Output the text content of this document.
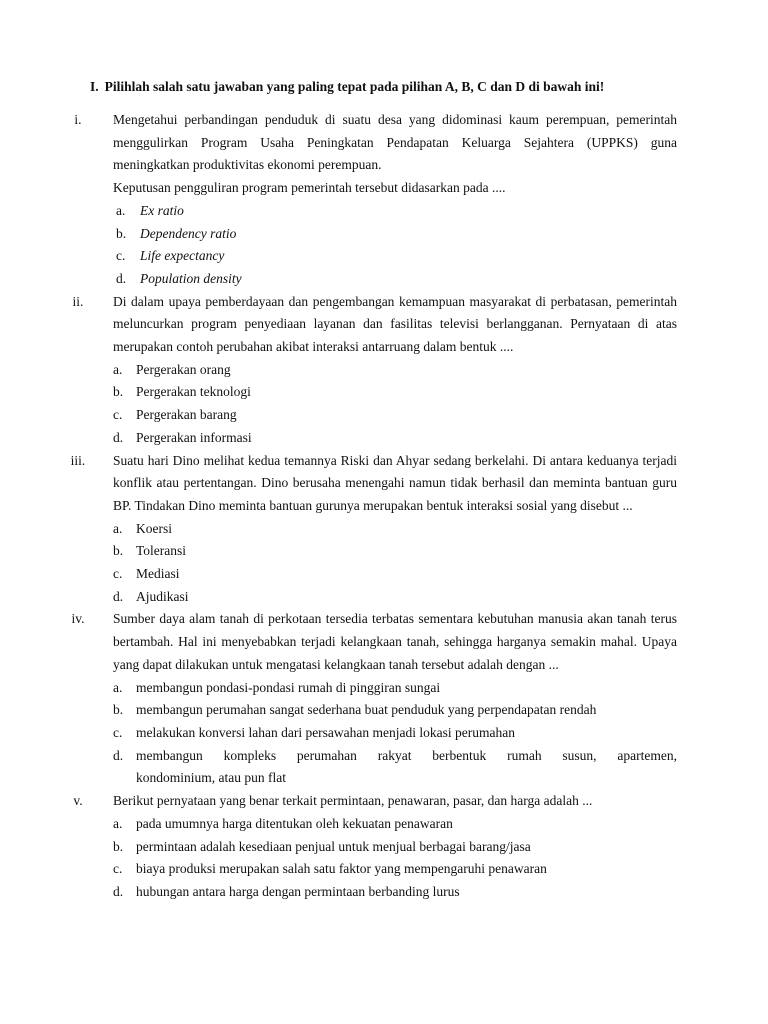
I. Pilihlah salah satu jawaban yang paling tepat pada pilihan A, B, C dan D di bawah ini!
i.	Mengetahui perbandingan penduduk di suatu desa yang didominasi kaum perempuan, pemerintah menggulirkan Program Usaha Peningkatan Pendapatan Keluarga Sejahtera (UPPKS) guna meningkatkan produktivitas ekonomi perempuan.

Keputusan pengguliran program pemerintah tersebut didasarkan pada ....

a. Ex ratio
b. Dependency ratio
c. Life expectancy
d. Population density
ii.	Di dalam upaya pemberdayaan dan pengembangan kemampuan masyarakat di perbatasan, pemerintah meluncurkan program penyediaan layanan dan fasilitas televisi berlangganan. Pernyataan di atas merupakan contoh perubahan akibat interaksi antarruang dalam bentuk ....

a. Pergerakan orang
b. Pergerakan teknologi
c. Pergerakan barang
d. Pergerakan informasi
iii.	Suatu hari Dino melihat kedua temannya Riski dan Ahyar sedang berkelahi. Di antara keduanya terjadi konflik atau pertentangan. Dino berusaha menengahi namun tidak berhasil dan meminta bantuan guru BP. Tindakan Dino meminta bantuan gurunya merupakan bentuk interaksi sosial yang disebut ...

a. Koersi
b. Toleransi
c. Mediasi
d. Ajudikasi
iv.	Sumber daya alam tanah di perkotaan tersedia terbatas sementara kebutuhan manusia akan tanah terus bertambah. Hal ini menyebabkan terjadi kelangkaan tanah, sehingga harganya semakin mahal. Upaya yang dapat dilakukan untuk mengatasi kelangkaan tanah tersebut adalah dengan ...

a. membangun pondasi-pondasi rumah di pinggiran sungai
b. membangun perumahan sangat sederhana buat penduduk yang perpendapatan rendah
c. melakukan konversi lahan dari persawahan menjadi lokasi perumahan
d. membangun kompleks perumahan rakyat berbentuk rumah susun, apartemen,
kondominium, atau pun flat
v.	Berikut pernyataan yang benar terkait permintaan, penawaran, pasar, dan harga adalah ...

a. pada umumnya harga ditentukan oleh kekuatan penawaran
b. permintaan adalah kesediaan penjual untuk menjual berbagai barang/jasa
c. biaya produksi merupakan salah satu faktor yang mempengaruhi penawaran
d. hubungan antara harga dengan permintaan berbanding lurus
